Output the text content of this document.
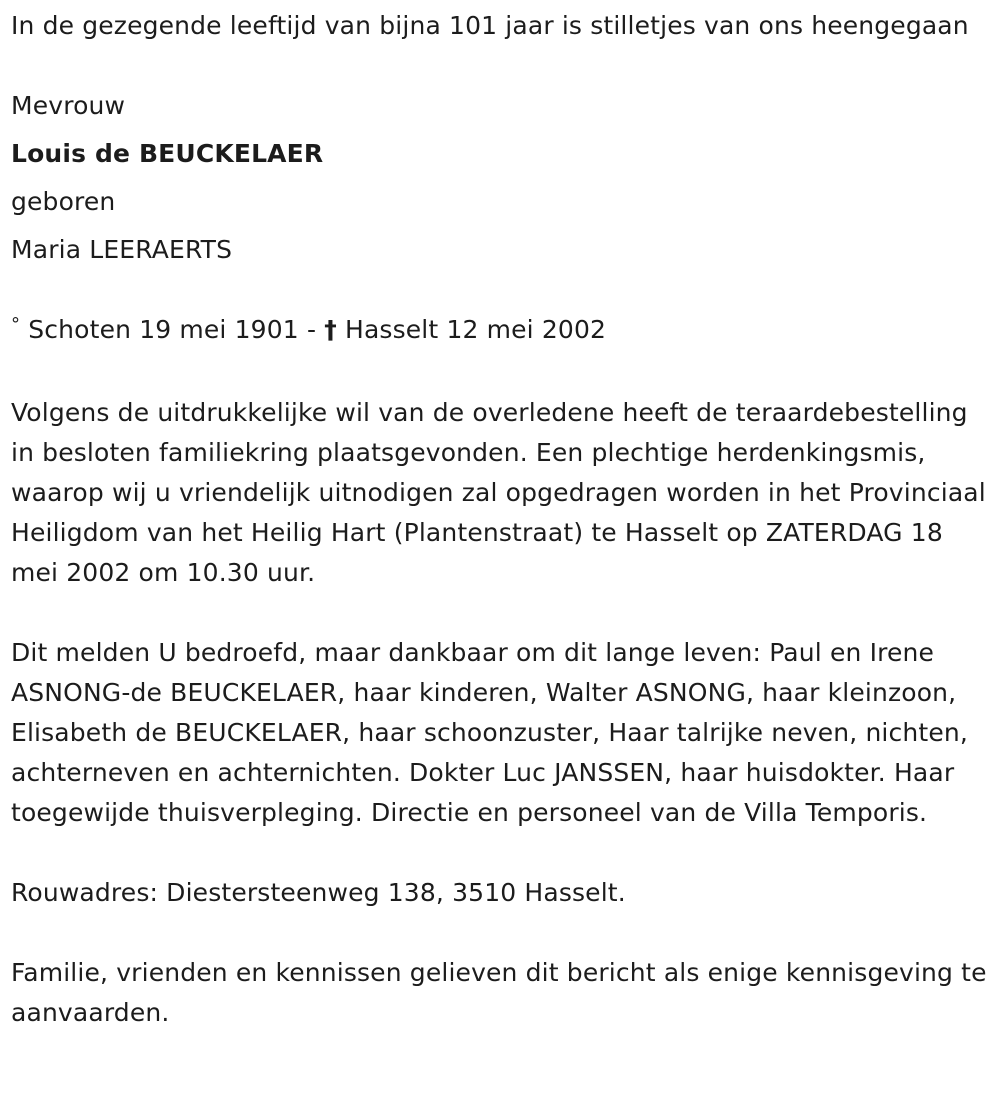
In de gezegende leeftijd van bijna 101 jaar is stilletjes van ons heengegaan

Mevrouw

Louis de BEUCKELAER

geboren

Maria LEERAERTS

° Schoten 19 mei 1901 - † Hasselt 12 mei 2002

Volgens de uitdrukkelijke wil van de overledene heeft de teraardebestelling in besloten familiekring plaatsgevonden. Een plechtige herdenkingsmis, waarop wij u vriendelijk uitnodigen zal opgedragen worden in het Provinciaal Heiligdom van het Heilig Hart (Plantenstraat) te Hasselt op ZATERDAG 18 mei 2002 om 10.30 uur.

Dit melden U bedroefd, maar dankbaar om dit lange leven: Paul en Irene ASNONG-de BEUCKELAER, haar kinderen, Walter ASNONG, haar kleinzoon, Elisabeth de BEUCKELAER, haar schoonzuster, Haar talrijke neven, nichten, achterneven en achternichten. Dokter Luc JANSSEN, haar huisdokter. Haar toegewijde thuisverpleging. Directie en personeel van de Villa Temporis.

Rouwadres: Diestersteenweg 138, 3510 Hasselt.

Familie, vrienden en kennissen gelieven dit bericht als enige kennisgeving te aanvaarden.
